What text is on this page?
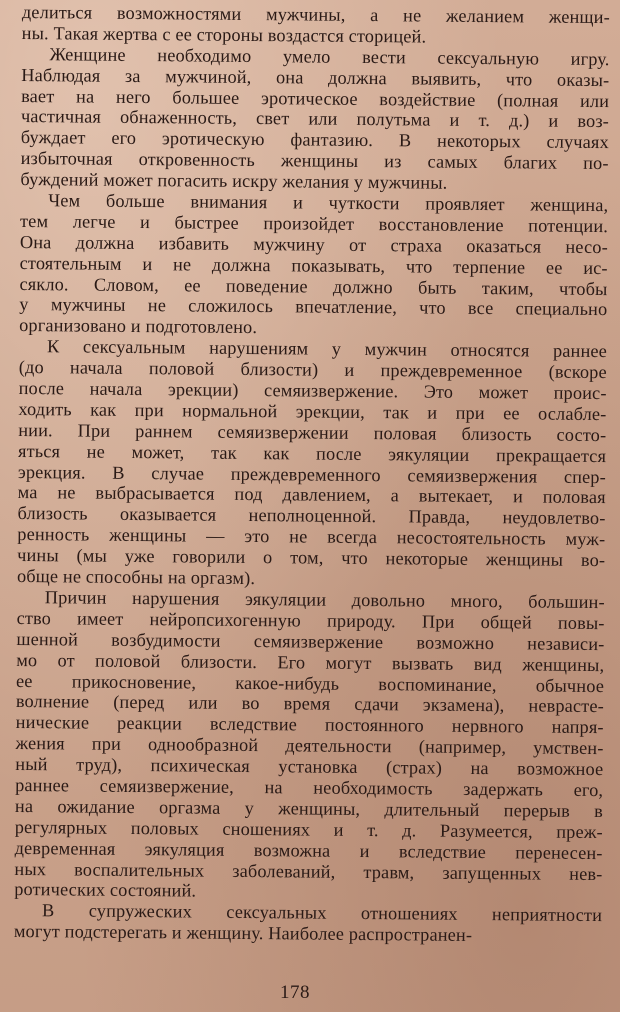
делиться возможностями мужчины, а не желанием женщи-
ны. Такая жертва с ее стороны воздастся сторицей.
Женщине необходимо умело вести сексуальную игру.
Наблюдая за мужчиной, она должна выявить, что оказы-
вает на него большее эротическое воздействие (полная или
частичная обнаженность, свет или полутьма и т. д.) и воз-
буждает его эротическую фантазию. В некоторых случаях
избыточная откровенность женщины из самых благих по-
буждений может погасить искру желания у мужчины.
Чем больше внимания и чуткости проявляет женщина,
тем легче и быстрее произойдет восстановление потенции.
Она должна избавить мужчину от страха оказаться несо-
стоятельным и не должна показывать, что терпение ее ис-
сякло. Словом, ее поведение должно быть таким, чтобы
у мужчины не сложилось впечатление, что все специально
организовано и подготовлено.
К сексуальным нарушениям у мужчин относятся раннее
(до начала половой близости) и преждевременное (вскоре
после начала эрекции) семяизвержение. Это может проис-
ходить как при нормальной эрекции, так и при ее ослабле-
нии. При раннем семяизвержении половая близость состо-
яться не может, так как после эякуляции прекращается
эрекция. В случае преждевременного семяизвержения спер-
ма не выбрасывается под давлением, а вытекает, и половая
близость оказывается неполноценной. Правда, неудовлетво-
ренность женщины — это не всегда несостоятельность муж-
чины (мы уже говорили о том, что некоторые женщины во-
обще не способны на оргазм).
Причин нарушения эякуляции довольно много, большин-
ство имеет нейропсихогенную природу. При общей повы-
шенной возбудимости семяизвержение возможно независи-
мо от половой близости. Его могут вызвать вид женщины,
ее прикосновение, какое-нибудь воспоминание, обычное
волнение (перед или во время сдачи экзамена), неврасте-
нические реакции вследствие постоянного нервного напря-
жения при однообразной деятельности (например, умствен-
ный труд), психическая установка (страх) на возможное
раннее семяизвержение, на необходимость задержать его,
на ожидание оргазма у женщины, длительный перерыв в
регулярных половых сношениях и т. д. Разумеется, преж-
девременная эякуляция возможна и вследствие перенесен-
ных воспалительных заболеваний, травм, запущенных нев-
ротических состояний.
В супружеских сексуальных отношениях неприятности
могут подстерегать и женщину. Наиболее распространен-
178
